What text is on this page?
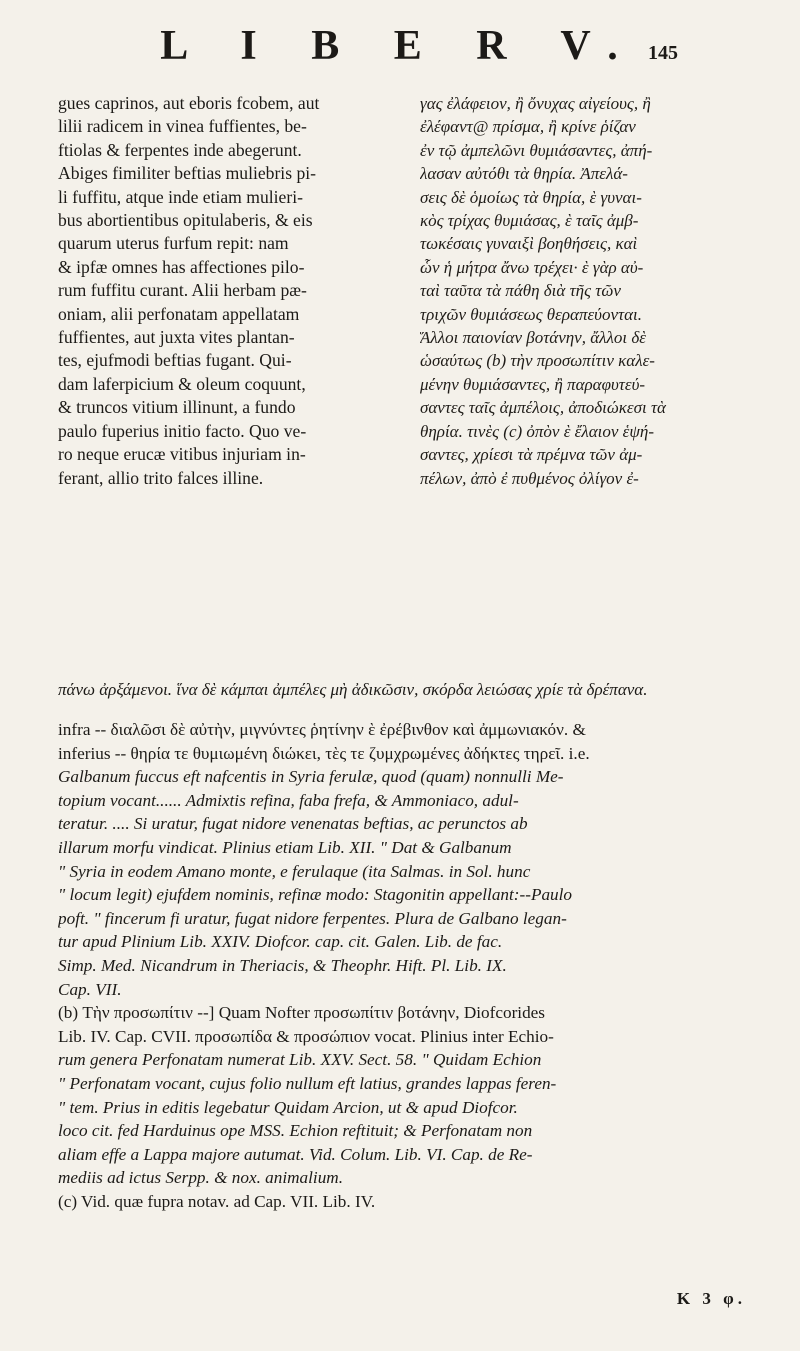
L I B E R V. 145
gues caprinos, aut eboris fcobem, aut
lilii radicem in vinea fuffientes, be-
ftiolas & ferpentes inde abegerunt.
Abiges fimiliter beftias muliebris pi-
li fuffitu, atque inde etiam mulieri-
bus abortientibus opitulaberis, & eis
quarum uterus furfum repit: nam
& ipfæ omnes has affectiones pilo-
rum fuffitu curant. Alii herbam pæ-
oniam, alii perfonatam appellatam
fuffientes, aut juxta vites plantan-
tes, ejufmodi beftias fugant. Qui-
dam laferpicium & oleum coquunt,
& truncos vitium illinunt, a fundo
paulo fuperius initio facto. Quo ve-
ro neque erucæ vitibus injuriam in-
ferant, allio trito falces illine.
γας ἐλάφειον, ἢ ὄνυχας αἰγείους, ἢ
ἐλέφαντ@ πρίσμα, ἢ κρίνε ῥίζαν
ἐν τῷ ἀμπελῶνι θυμιάσαντες, ἀπή-
λασαν αὐτόθι τὰ θηρία. Ἀπελά-
σεις δὲ ὁμοίως τὰ θηρία, ὲ γυναι-
κὸς τρίχας θυμιάσας, ὲ ταῖς ἀμβ-
τωκέσαις γυναιξὶ βοηθήσεις, καὶ
ὧν ἡ μήτρα ἄνω τρέχει· ὲ γὰρ αὐ-
ταὶ ταῦτα τὰ πάθη διὰ τῆς τῶν
τριχῶν θυμιάσεως θεραπεύονται.
Ἄλλοι παιονίαν βοτάνην, ἄλλοι δὲ
ὡσαύτως (b) τὴν προσωπίτιν καλε-
μένην θυμιάσαντες, ἢ παραφυτεύ-
σαντες ταῖς ἀμπέλοις, ἀποδιώκεσι τὰ
θηρία. τινὲς (c) ὀπὸν ὲ ἔλαιον ἑψή-
σαντες, χρίεσι τὰ πρέμνα τῶν ἀμ-
πέλων, ἀπὸ ἐ πυθμένος ὀλίγον ἐ-
πάνω ἀρξάμενοι. ἵνα δὲ κάμπαι ἀμπέλες μὴ ἀδικῶσιν, σκόρδα λειώσας χρίε τὰ δρέπανα.
infra -- διαλῶσι δὲ αὐτὴν, μιγνύντες ῥητίνην ὲ ἐρέβινθον καὶ ἀμμωνιακόν. &
inferius -- θηρία τε θυμιωμένη διώκει, τὲς τε ζυμχρωμένες ἀδήκτες τηρεῖ. i.e.
Galbanum fuccus eft nafcentis in Syria ferulæ, quod (quam) nonnulli Me-
topium vocant...... Admixtis refina, faba frefa, & Ammoniaco, adul-
teratur. .... Si uratur, fugat nidore venenatas beftias, ac perunctos ab
illarum morfu vindicat. Plinius etiam Lib. XII. " Dat & Galbanum
" Syria in eodem Amano monte, e ferulaque (ita Salmas. in Sol. hunc
" locum legit) ejufdem nominis, refinæ modo: Stagonitin appellant:--Paulo
poft. " fincerum fi uratur, fugat nidore ferpentes. Plura de Galbano legan-
tur apud Plinium Lib. XXIV. Diofcor. cap. cit. Galen. Lib. de fac.
Simp. Med. Nicandrum in Theriacis, & Theophr. Hift. Pl. Lib. IX.
Cap. VII.
(b) Τὴν προσωπίτιν --] Quam Nofter προσωπίτιν βοτάνην, Diofcorides
Lib. IV. Cap. CVII. προσωπίδα & προσώπιον vocat. Plinius inter Echio-
rum genera Perfonatam numerat Lib. XXV. Sect. 58. " Quidam Echion
" Perfonatam vocant, cujus folio nullum eft latius, grandes lappas feren-
" tem. Prius in editis legebatur Quidam Arcion, ut & apud Diofcor.
loco cit. fed Harduinus ope MSS. Echion reftituit; & Perfonatam non
aliam effe a Lappa majore autumat. Vid. Colum. Lib. VI. Cap. de Re-
mediis ad ictus Serpp. & nox. animalium.
(c) Vid. quæ fupra notav. ad Cap. VII. Lib. IV.
K 3 φ.
